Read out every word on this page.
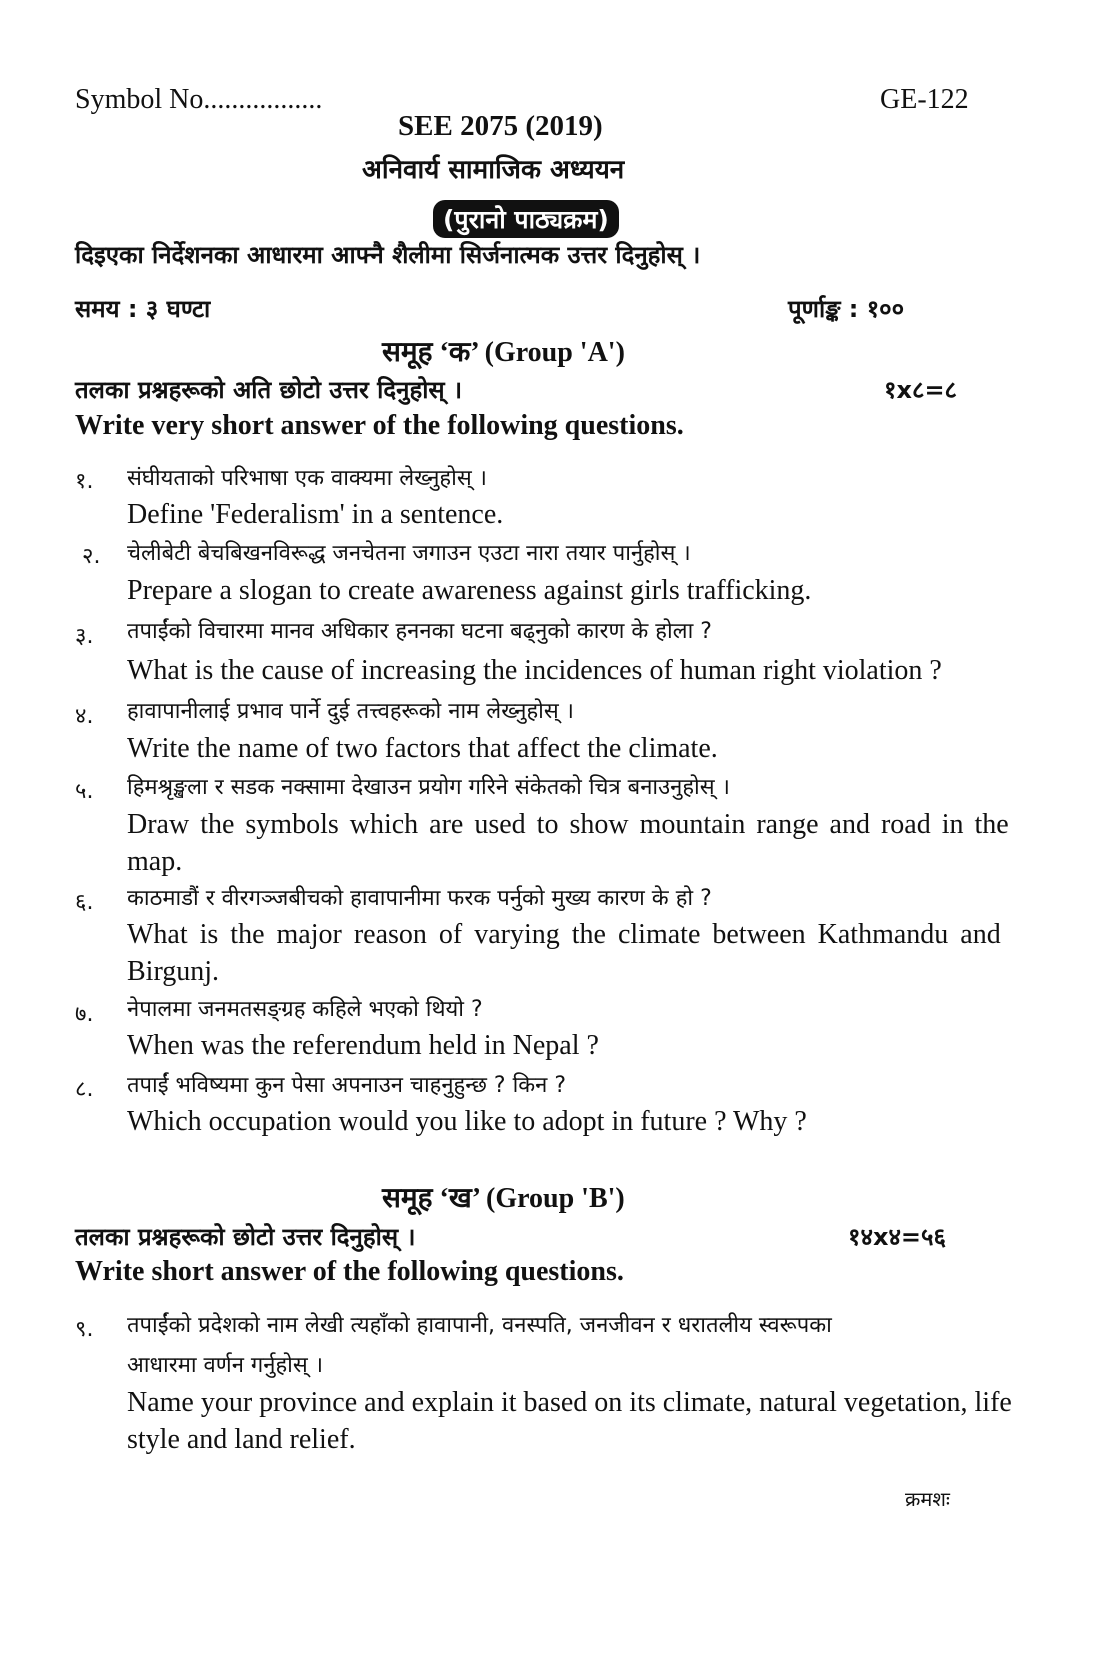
Symbol No.................	GE-122
SEE 2075 (2019)
अनिवार्य सामाजिक अध्ययन
(पुरानो पाठ्यक्रम)
दिइएका निर्देशनका आधारमा आफ्नै शैलीमा सिर्जनात्मक उत्तर दिनुहोस् ।
समय : ३ घण्टा	पूर्णाङ्क : १००
समूह ‘क’ (Group 'A')
तलका प्रश्नहरूको अति छोटो उत्तर दिनुहोस् ।	१x८=८
Write very short answer of the following questions.
१. संघीयताको परिभाषा एक वाक्यमा लेख्नुहोस् ।
Define 'Federalism' in a sentence.
२. चेलीबेटी बेचबिखनविरूद्ध जनचेतना जगाउन एउटा नारा तयार पार्नुहोस् ।
Prepare a slogan to create awareness against girls trafficking.
३. तपाईंको विचारमा मानव अधिकार हननका घटना बढ्नुको कारण के होला ?
What is the cause of increasing the incidences of human right violation ?
४. हावापानीलाई प्रभाव पार्ने दुई तत्त्वहरूको नाम लेख्नुहोस् ।
Write the name of two factors that affect the climate.
५. हिमश्रृङ्खला र सडक नक्सामा देखाउन प्रयोग गरिने संकेतको चित्र बनाउनुहोस् ।
Draw the symbols which are used to show mountain range and road in the map.
६. काठमाडौं र वीरगञ्जबीचको हावापानीमा फरक पर्नुको मुख्य कारण के हो ?
What is the major reason of varying the climate between Kathmandu and Birgunj.
७. नेपालमा जनमतसङ्ग्रह कहिले भएको थियो ?
When was the referendum held in Nepal ?
८. तपाईं भविष्यमा कुन पेसा अपनाउन चाहनुहुन्छ ? किन ?
Which occupation would you like to adopt in future ? Why ?
समूह ‘ख’ (Group 'B')
तलका प्रश्नहरूको छोटो उत्तर दिनुहोस् ।	१४x४=५६
Write short answer of the following questions.
९. तपाईंको प्रदेशको नाम लेखी त्यहाँको हावापानी, वनस्पति, जनजीवन र धरातलीय स्वरूपका
आधारमा वर्णन गर्नुहोस् ।
Name your province and explain it based on its climate, natural vegetation, life style and land relief.
क्रमशः
